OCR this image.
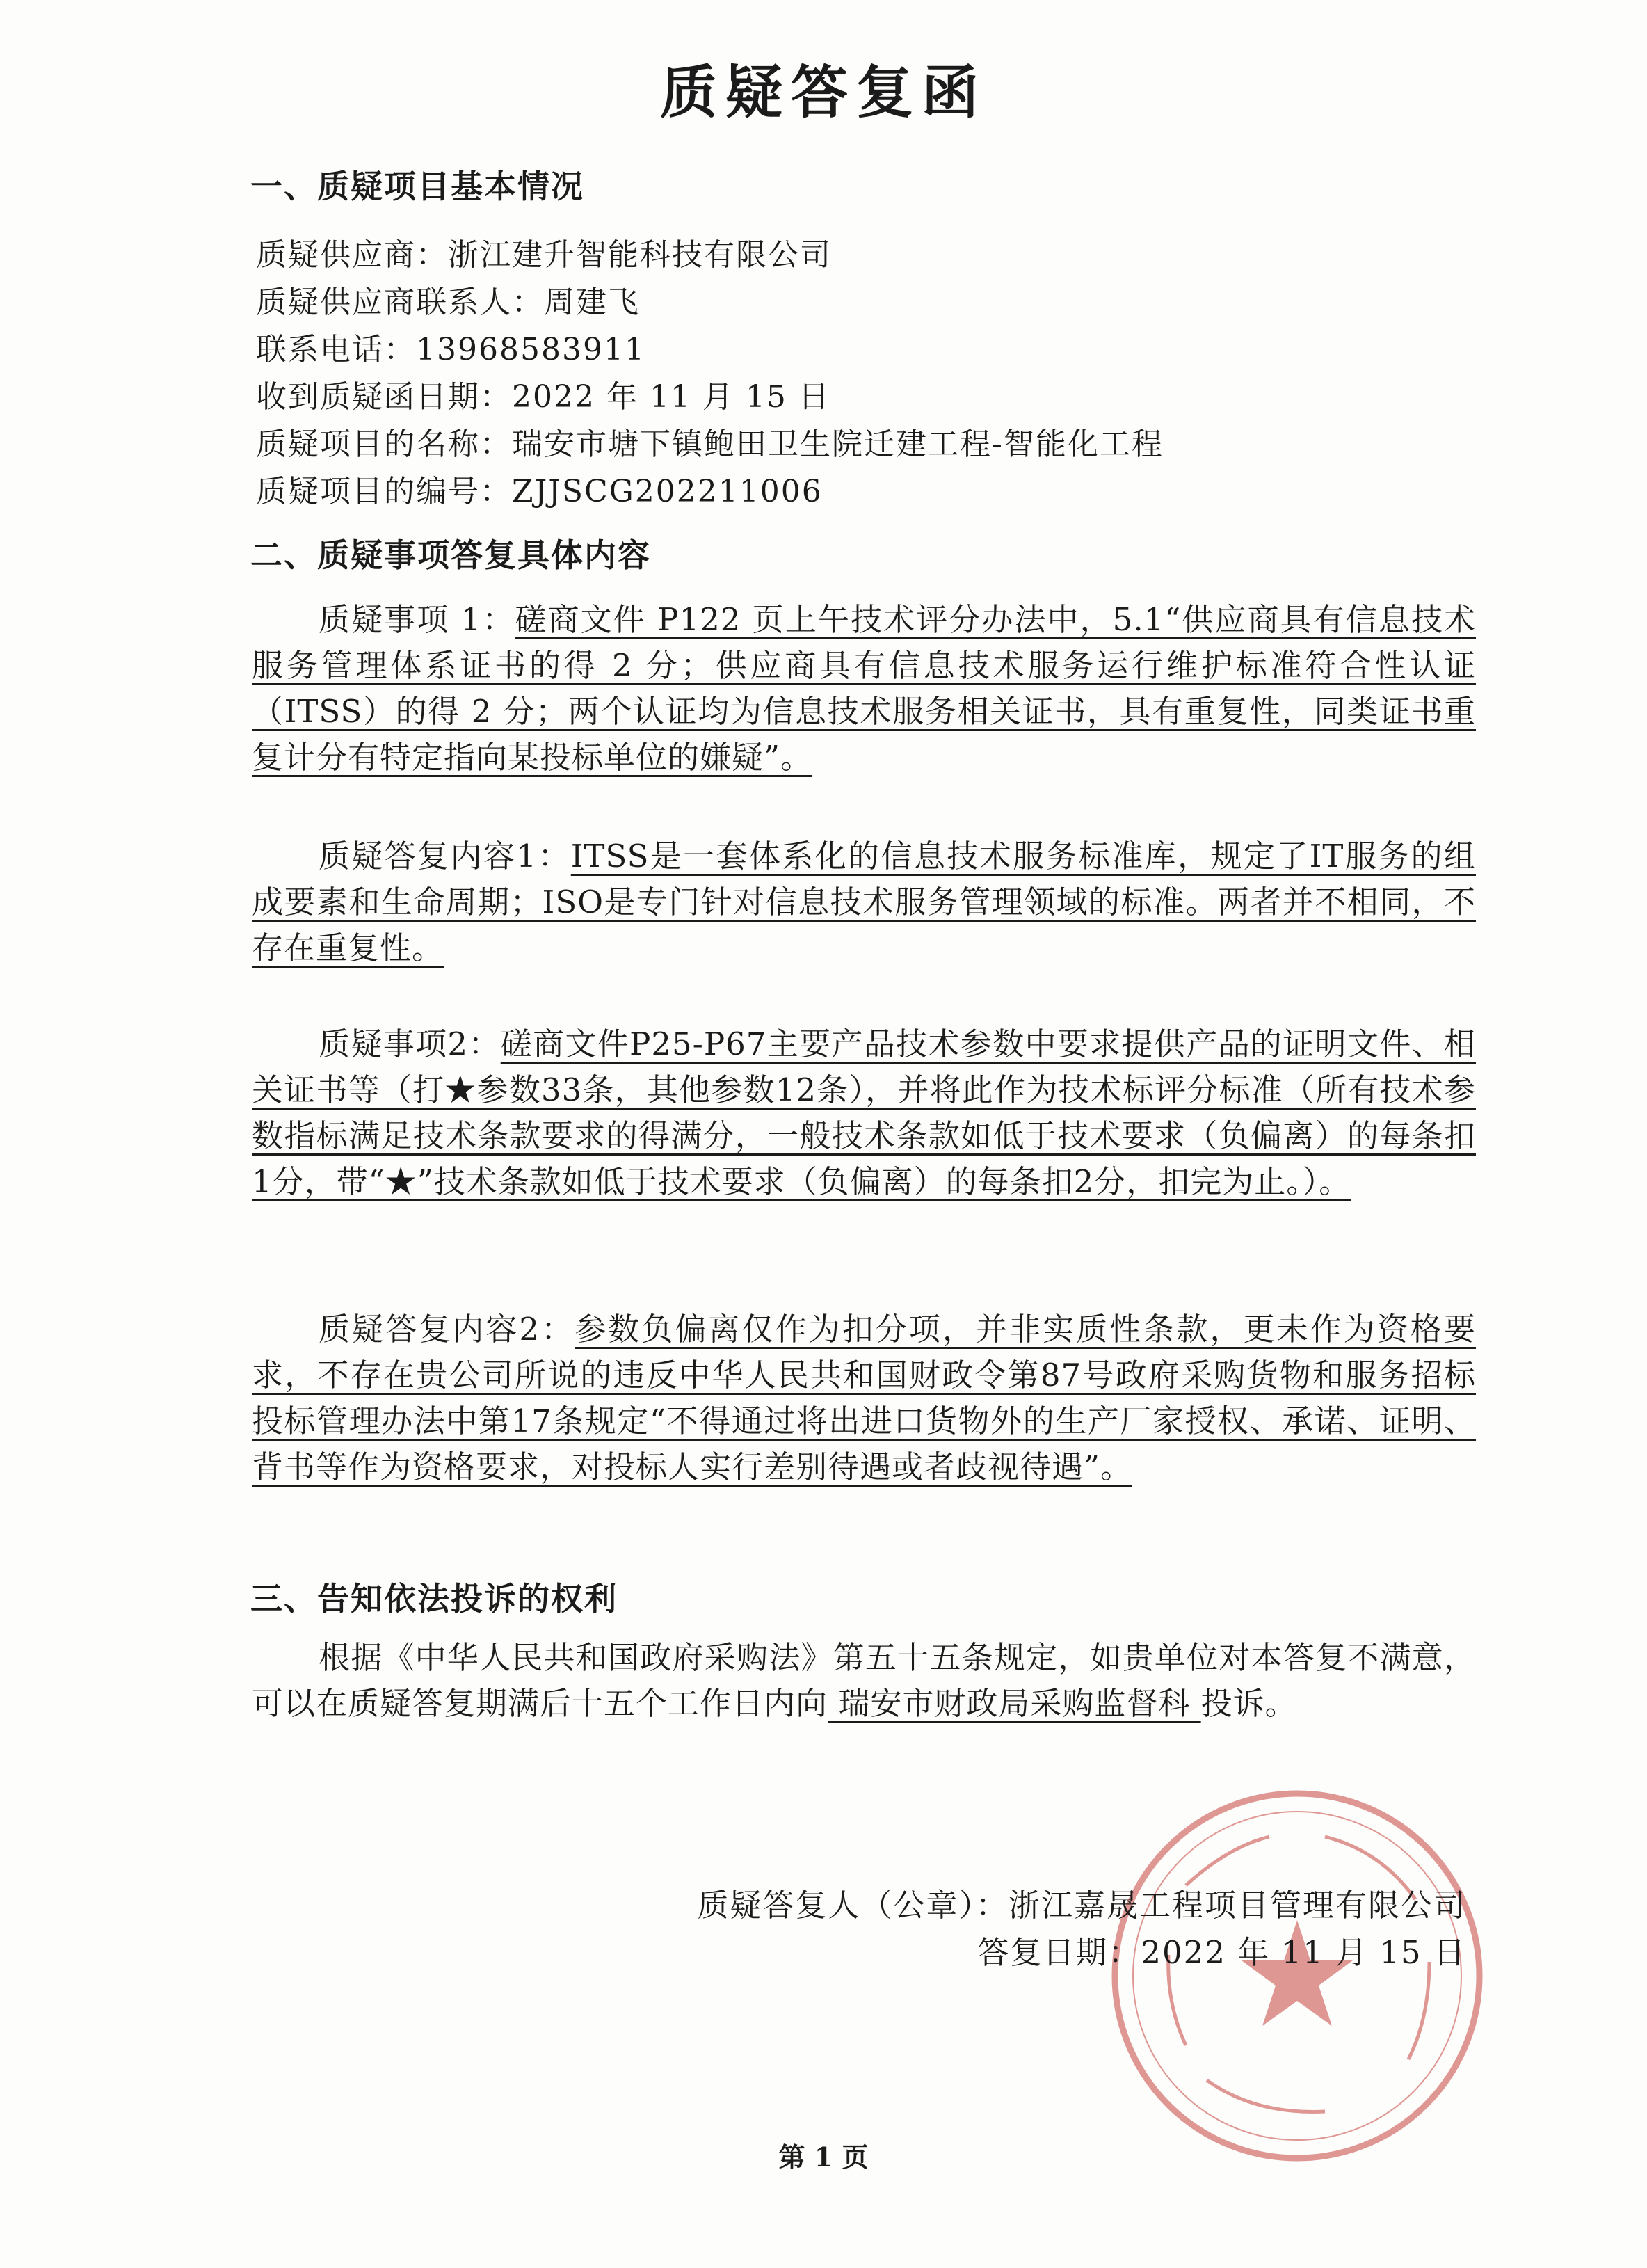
质疑答复函
一、质疑项目基本情况

质疑供应商：浙江建升智能科技有限公司

质疑供应商联系人：周建飞

联系电话：13968583911

收到质疑函日期：2022 年 11 月 15 日

质疑项目的名称：瑞安市塘下镇鲍田卫生院迁建工程-智能化工程

质疑项目的编号：ZJJSCG202211006

二、质疑事项答复具体内容

质疑事项 1：磋商文件 P122 页上午技术评分办法中，5.1“供应商具有信息技术服务管理体系证书的得 2 分；供应商具有信息技术服务运行维护标准符合性认证（ITSS）的得 2 分；两个认证均为信息技术服务相关证书，具有重复性，同类证书重复计分有特定指向某投标单位的嫌疑”。

质疑答复内容1：ITSS是一套体系化的信息技术服务标准库，规定了IT服务的组成要素和生命周期；ISO是专门针对信息技术服务管理领域的标准。两者并不相同，不存在重复性。

质疑事项2：磋商文件P25-P67主要产品技术参数中要求提供产品的证明文件、相关证书等（打★参数33条，其他参数12条），并将此作为技术标评分标准（所有技术参数指标满足技术条款要求的得满分，一般技术条款如低于技术要求（负偏离）的每条扣1分，带“★”技术条款如低于技术要求（负偏离）的每条扣2分，扣完为止。）。

质疑答复内容2：参数负偏离仅作为扣分项，并非实质性条款，更未作为资格要求，不存在贵公司所说的违反中华人民共和国财政令第87号政府采购货物和服务招标投标管理办法中第17条规定“不得通过将出进口货物外的生产厂家授权、承诺、证明、背书等作为资格要求，对投标人实行差别待遇或者歧视待遇”。

三、告知依法投诉的权利

根据《中华人民共和国政府采购法》第五十五条规定，如贵单位对本答复不满意，可以在质疑答复期满后十五个工作日内向 瑞安市财政局采购监督科 投诉。

质疑答复人（公章）：浙江嘉晟工程项目管理有限公司

答复日期：2022 年 11 月 15 日

第 1 页
